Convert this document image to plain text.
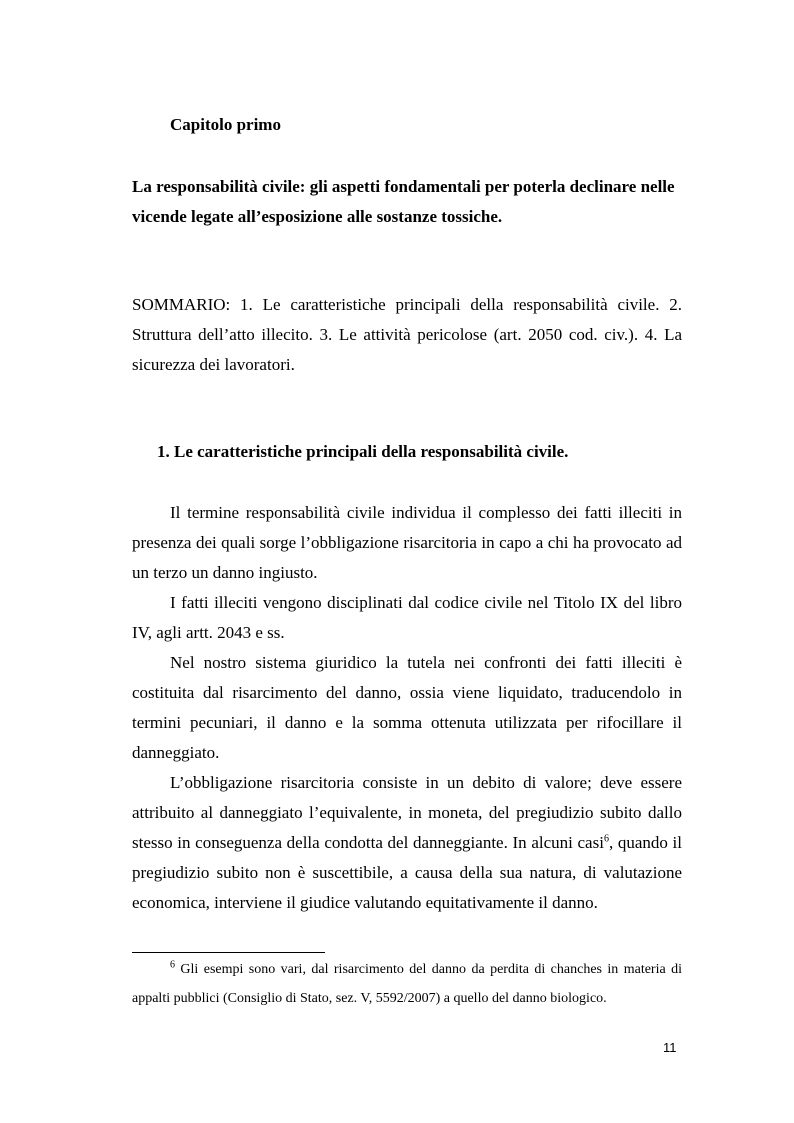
Capitolo primo
La responsabilità civile: gli aspetti fondamentali per poterla declinare nelle vicende legate all’esposizione alle sostanze tossiche.
SOMMARIO: 1. Le caratteristiche principali della responsabilità civile. 2. Struttura dell’atto illecito. 3. Le attività pericolose (art. 2050 cod. civ.). 4. La sicurezza dei lavoratori.
1. Le caratteristiche principali della responsabilità civile.

Il termine responsabilità civile individua il complesso dei fatti illeciti in presenza dei quali sorge l’obbligazione risarcitoria in capo a chi ha provocato ad un terzo un danno ingiusto.

I fatti illeciti vengono disciplinati dal codice civile nel Titolo IX del libro IV, agli artt. 2043 e ss.

Nel nostro sistema giuridico la tutela nei confronti dei fatti illeciti è costituita dal risarcimento del danno, ossia viene liquidato, traducendolo in termini pecuniari, il danno e la somma ottenuta utilizzata per rifocillare il danneggiato.

L’obbligazione risarcitoria consiste in un debito di valore; deve essere attribuito al danneggiato l’equivalente, in moneta, del pregiudizio subito dallo stesso in conseguenza della condotta del danneggiante. In alcuni casi$^6$, quando il pregiudizio subito non è suscettibile, a causa della sua natura, di valutazione economica, interviene il giudice valutando equitativamente il danno.

$^6$ Gli esempi sono vari, dal risarcimento del danno da perdita di chanches in materia di appalti pubblici (Consiglio di Stato, sez. V, 5592/2007) a quello del danno biologico.

11
